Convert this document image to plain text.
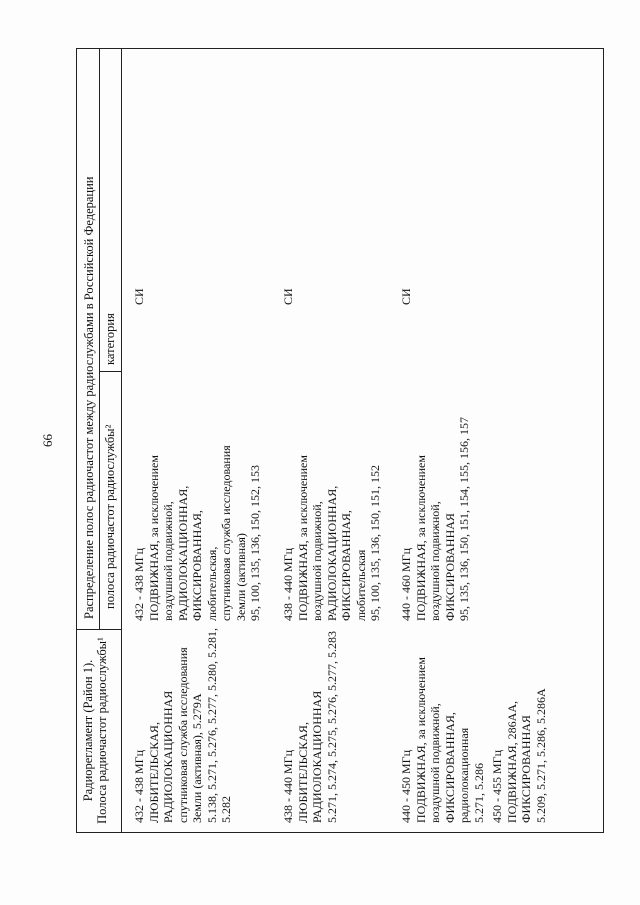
66
Радиорегламент (Район 1). Полоса радиочастот радиослужбы¹
Распределение полос радиочастот между радиослужбами в Российской Федерации полоса радиочастот радиослужбы²
категория
432 - 438 МГц ЛЮБИТЕЛЬСКАЯ, РАДИОЛОКАЦИОННАЯ спутниковая служба исследования Земли (активная), 5.279А 5.138, 5.271, 5.276, 5.277, 5.280, 5.281, 5.282
432 - 438 МГц ПОДВИЖНАЯ, за исключением воздушной подвижной, РАДИОЛОКАЦИОННАЯ, ФИКСИРОВАННАЯ, любительская, спутниковая служба исследования Земли (активная) 95, 100, 135, 136, 150, 152, 153
СИ
438 - 440 МГц ЛЮБИТЕЛЬСКАЯ, РАДИОЛОКАЦИОННАЯ 5.271, 5.274, 5.275, 5.276, 5.277, 5.283
438 - 440 МГц ПОДВИЖНАЯ, за исключением воздушной подвижной, РАДИОЛОКАЦИОННАЯ, ФИКСИРОВАННАЯ, любительская 95, 100, 135, 136, 150, 151, 152
СИ
440 - 450 МГц ПОДВИЖНАЯ, за исключением воздушной подвижной, ФИКСИРОВАННАЯ, радиолокационная 5.271, 5.286
440 - 460 МГц ПОДВИЖНАЯ, за исключением воздушной подвижной, ФИКСИРОВАННАЯ 95, 135, 136, 150, 151, 154, 155, 156, 157
СИ
450 - 455 МГц ПОДВИЖНАЯ, 286АА, ФИКСИРОВАННАЯ 5.209, 5.271, 5.286, 5.286А
